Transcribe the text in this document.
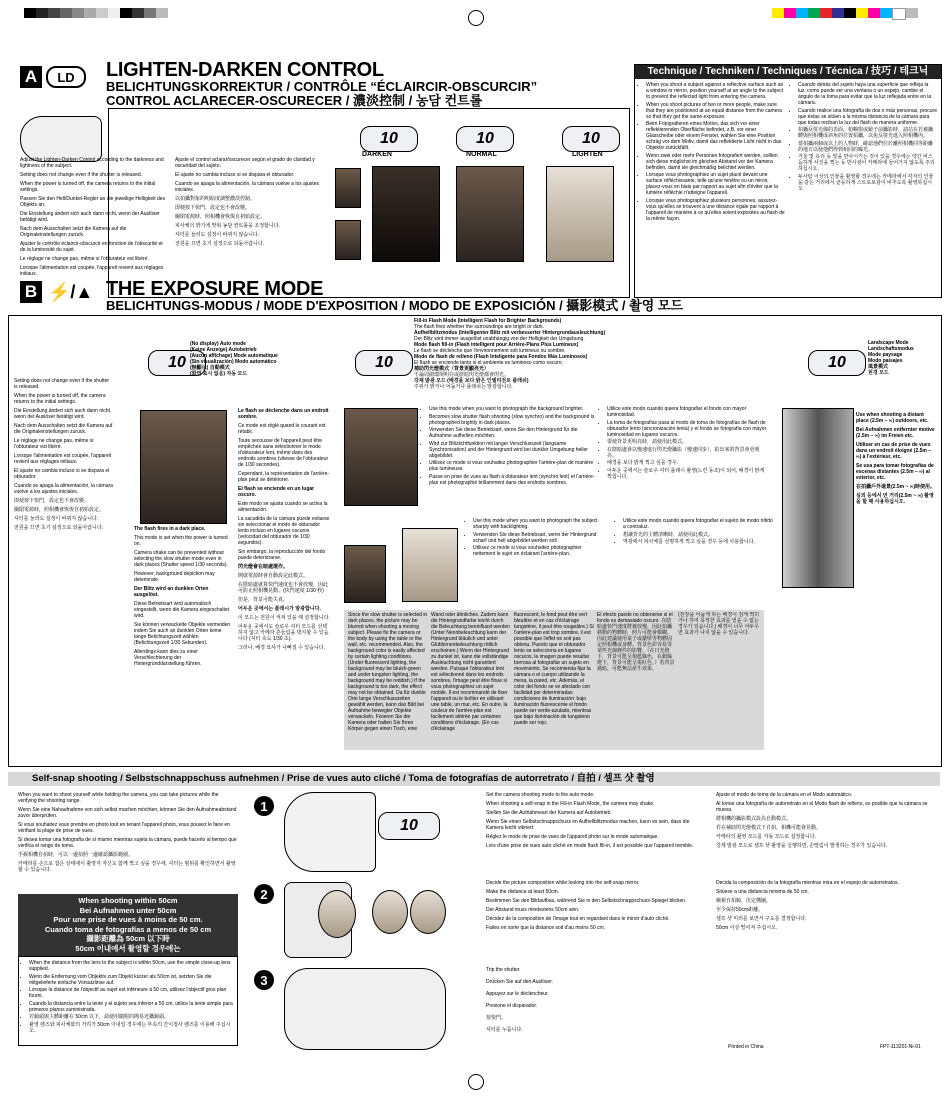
A	LD	LIGHTEN-DARKEN CONTROL
BELICHTUNGSKORREKTUR / CONTRÔLE “ÉCLAIRCIR-OBSCURCIR”
CONTROL ACLARECER-OSCURECER / 濃淡控制 / 농담 컨트롤
10	10	10
DARKEN	NORMAL	LIGHTEN

Adjust the Lighten-Darken Control according to the darkness and lightness of the subject.

Setting does not change even if the shutter is released.

When the power is turned off, the camera returns to the initial settings.

Passen Sie den Hell/Dunkel-Regler an die jeweilige Helligkeit des Objekts an.

Die Einstellung ändert sich auch dann nicht, wenn der Auslöser betätigt wird.

Nach dem Ausschalten setzt die Kamera auf die Originaleinstellungen zurück.

Ajuster le contrôle éclaircir-obscurcir en fonction de l'obscurité et de la luminosité du sujet.

Le réglage ne change pas, même si l'obturateur est libéré.

Lorsque l'alimentation est coupée, l'appareil revient aux réglages initiaux.

Ajuste el control aclarar/oscurecer según el grado de claridad y oscuridad del sujeto.

El ajuste no cambia incluso si se dispara el obturador.

Cuando se apaga la alimentación, la cámara vuelve a los ajustes iniciales.

以拍攝對象的明暗度調整濃淡控制。

即便按下快門，設定也不會改變。

關閉電源時，照相機會恢復自初始設定。

피사체의 밝기에 맞춰 농담 컨트롤을 조정합니다.

셔터를 눌러도 설정이 바뀌지 않습니다.

전원을 끄면 초기 설정으로 되돌아갑니다.

Technique / Techniken / Techniques / Técnica / 技巧 / 테크닉
• When you shoot a subject against a reflective surface such as a window or mirror, position yourself at an angle to the subject to prevent the reflected light from entering the camera.
• When you shoot pictures of two or more people, make sure that they are positioned at an equal distance from the camera so that they get the same exposure.
• Beim Fotografieren eines Motivs, das sich vor einer reflektierenden Oberfläche befindet, z.B. vor einer Glasscheibe oder einem Fenster, wählen Sie eine Position schräg vor dem Motiv, damit das reflektierte Licht nicht in das Objektiv zurückfällt.
• Wenn zwei oder mehr Personen fotografiert werden, sollten sich diese möglichst im gleichen Abstand vor der Kamera befinden, damit sie gleichmäßig belichtet werden.
• Lorsque vous photographiez un sujet placé devant une surface réfléchissante, telle qu'une fenêtre ou un miroir, placez-vous en biais par rapport au sujet afin d'éviter que la lumière réfléchie n'atteigne l'appareil.
• Lorsque vous photographiez plusieurs personnes, assurez-vous qu'elles se trouvent à une distance égale par rapport à l'appareil de manière à ce qu'elles soient exposées au flash de la même façon.
• Cuando detrás del sujeto haya una superficie que refleja la luz, como puede ser una ventana o un espejo, cambie el ángulo de la toma para evitar que la luz reflejada entre en la cámara.
• Cuando realice una fotografía de dos o más personas, procure que éstas se sitúen a la misma distancia de la cámara para que todas reciban la luz del flash de manera uniforme.
• 拍攝反射光線的表面，如櫥窗或鏡子前攝影時，請站在若被攝體與照相機成斜角的位置拍攝，以免反射光進入照相機內。
• 當拍攝兩個或以上的人物時，確認他們位於離照相機同等距離的地方以使他們得到相同的曝光。
• 거울 및 유리 등 빛을 반사시키는 것이 있을 경우에는 약간 비스듬하게 사진을 찍는 등 반사광이 카메라에 들어가지 않도록 주의하십시오.
• 두사람 이상의 인물을 촬영할 경우에는 카메라에서 각자의 인물을 같은 거리에서 균등하게 스트로보광이 비추도록 촬영하십시오.
B ⚡/▲ THE EXPOSURE MODE
BELICHTUNGS-MODUS / MODE D'EXPOSITION / MODO DE EXPOSICIÓN / 攝影模式 / 촬영 모드
10	10	10
(No display) Auto mode
(Keine Anzeige) Autobetrieb
(Aucun affichage) Mode automatique
(Sin visualización) Modo automático
(無顯示) 自動模式
(화면 표시 없음) 자동 모드
Fill-in Flash Mode (Intelligent Flash for Brighter Backgrounds)
The flash fires whether the surroundings are bright or dark.
Aufhellblitzmodus (Intelligenter Blitz mit verbesserter Hintergrundausleuchtung)
Der Blitz wird immer ausgelöst unabhängig von der Helligkeit der Umgebung.
Mode flash fill-in (Flash intelligent pour Arrière-Plans Plus Lumineux)
Le flash se déclenche que l'environnement soit lumineux ou sombre.
Modo de flash de relleno (Flash Inteligente para Fondos Más Luminosos)
El flash se enciende tanto si el ambiente es luminoso como oscuro.
補助閃光燈模式（背景更顯亮光）
不論周圍環境明亮或陰暗閃光燈都會閃光。
강제 발광 모드 (배경을 보다 밝은 인텔리전트 플래쉬)
주위가 밝거나 어둡거나 플래쉬는 발광합니다.
Landscape Mode
Landschaftsmodus
Mode paysage
Modo paisajes
風景模式
원경 모드

Setting does not change even if the shutter is released.

When the power is turned off, the camera returns to the initial settings.

Die Einstellung ändert sich auch dann nicht, wenn der Auslöser betätigt wird.

Nach dem Ausschalten setzt die Kamera auf die Originaleinstellungen zurück.

Le réglage ne change pas, même si l'obturateur est libéré.

Lorsque l'alimentation est coupée, l'appareil revient aux réglages initiaux.

El ajuste no cambia incluso si se dispara el obturador.

Cuando se apaga la alimentación, la cámara vuelve a los ajustes iniciales.

即使按下快門，設定也不會改變。

關閉電源時，照相機會恢復自初始設定。

셔터를 눌러도 설정이 바뀌지 않습니다.

전원을 끄면 초기 설정으로 되돌아갑니다.	The flash fires in a dark place.

This mode is set when the power is turned on.

Camera shake can be prevented without selecting the slow shutter mode even in dark places (Shutter speed 1/30 seconds).

However, background depiction may deteriorate.

Der Blitz wird an dunklen Orten ausgelöst.

Diese Betriebsart wird automatisch eingestellt, wenn die Kamera eingeschaltet wird.

Sie können verwackelte Objekte vermeiden indem Sie auch an dunklen Orten keine lange Belichtungszeit wählen (Belichtungszeit 1/30 Sekunden).

Allerdings kann dies zu einer Verschlechterung der Hintergrunddarstellung führen.

Le flash se déclenche dans un endroit sombre.

Ce mode est réglé quand le courant est rétabli.

Toute secousse de l'appareil peut être empêchée sans sélectionner le mode d'obturateur lent, même dans des endroits sombres (vitesse de l'obturateur de 1/30 secondes).

Cependant, la représentation de l'arrière-plan peut se détériorer.

El flash se enciende en un lugar oscuro.

Este modo se ajusta cuando se activa la alimentación.

La sacudida de la cámara puede evitarse sin seleccionar el modo de obturador lento incluso en lugares oscuros (velocidad del obturador de 1/30 segundos).

Sin embargo, la reproducción del fondo puede deteriorarse.

閃光燈會在暗處運作。

開啟電源時會自動設定此模式。

在陰暗處就算快門速度也不會放慢，因此可防止照相機晃動。(快門速度 1/30 秒)

但是，背景可能失真。

어두운 곳에서는 플래시가 발광합니다.

이 모드는 전원이 켜져 있을 때 설정합니다.

어두운 곳에서도 슬로우 셔터 모드를 선택하지 않고 카메라 흔들림을 방지할 수 있습니다 (셔터 속도 1/30 초).

그러나, 배경 묘사가 나빠질 수 있습니다.

• Use this mode when you want to photograph the background brighter.
• Becomes slow shutter flash shooting (slow synchro) and the background is photographed brightly in dark places.
• Verwenden Sie diese Betriebsart, wenn Sie den Hintergrund für die Aufnahme aufhellen möchten.
• Wird zur Blitzlichtfunktion mit langer Verschlusszeit (langsame Synchronisation) und der Hintergrund wird bei dunkler Umgebung heller abgebildet.
• Utilisez ce mode si vous souhaitez photographier l'arrière-plan de manière plus lumineuse.
• Passe en prise de vues au flash à obturateur lent (synchro lent) et l'arrière-plan est photographié brillamment dans des endroits sombres.
• Utilice este modo cuando quiera fotografiar el fondo con mayor luminosidad.
• La toma de fotografías pasa al modo de toma de fotografías de flash de obturador lento (sincronización lenta) y el fondo se fotografía con mayor luminosidad en lugares oscuros.
• 要使背景更明亮時，請使用此模式。
• 在陰暗處會以慢速進行閃光燈攝影（慢速同步），拍出來的背景會更明亮。
• 배경을 보다 밝게 찍고 싶을 경우.
• 어두운 곳에서는 슬로우 셔터 플래시 촬영(느린 동조)이 되어, 배경이 밝게 찍힙니다.
• Use this mode when you want to photograph the subject sharply with backlighting.
• Verwenden Sie diese Betriebsart, wenn der Hintergrund scharf und hell abgebildet werden soll.
• Utilisez ce mode si vous souhaitez photographier nettement le sujet en éclairant l'arrière-plan.
• Utilice este modo cuando quiera fotografiar el sujeto de modo nítido a contraluz.
• 想讓背光的主體清晰時，請使用此模式。
• 역광에서 피사체를 선명하게 찍고 싶을 경우 등에 사용합니다.
Since the slow shutter is selected in dark places, the picture may be blurred when shooting a moving subject. Please fix the camera or the body by using the table or the wall, etc. recommended. Also, the background color is easily affected by certain lighting conditions. (Under fluorescent lighting, the background may be bluish-green and under tungsten lighting, the background may be reddish.) If the background is too dark, the effect may not be obtained. Da für dunkle Orte lange Verschlusszeiten gewählt werden, kann das Bild bei Aufnahme bewegter Objekte verwackeln. Fixieren Sie die Kamera oder halten Sie Ihren Körper gegen einen Tisch, eine
Wand oder ähnliches. Zudem kann die Hintergrundfarbe leicht durch die Beleuchtung beeinflusst werden (Unter Neonbeleuchtung kann der Hintergrund bläulich und unter Glühbirnenbeleuchtung rötlich erscheinen.) Wenn der Hintergrund zu dunkel ist, kann die vollständige Ausleuchtung nicht garantiert werden. Puisque l'obturateur lent est sélectionné dans les endroits sombres, l'image peut être floue si vous photographiez un sujet mobile. Il est recommandé de fixer l'appareil ou le boîtier en utilisant une table, un mur, etc. En outre, la couleur de l'arrière-plan est facilement altérée par certaines conditions d'éclairage. (En cas d'éclairage
fluorescent, le fond peut être vert bleuâtre et en cas d'éclairage tungstène, il peut être rougeâtre.) Si l'arrière-plan est trop sombre, il est possible que l'effet ne soit pas obtenu. Puesto que el obturador lento se selecciona en lugares oscuros, la imagen puede resultar borrosa al fotografiar un sujeto en movimiento. Se recomienda fijar la cámara o el cuerpo utilizando la mesa, la pared, etc. Además, el color del fondo se ve afectado con facilidad por determinadas condiciones de iluminación: bajo iluminación fluorescente el fondo puede ser verde-azulado, mientras que bajo iluminación de tungsteno puede ser rojo.
El efecto puede no obtenerse si el fondo es demasiado oscuro. 在陰暗處快門速度將被放慢，因此拍攝移動的物體時，照片可能會模糊。因此建議使用桌子或牆壁等物體固定照相機或身體。背景色彩容易受某些光線條件的影響。（在日光燈下，背景可能呈現藍綠色，在鎢絲燈下，背景可能呈現紅色。）若背景過暗，可能無法產生效果。
(천장을 어둡게 하는 배경이 검게 찍히거나 하여 목적한 효과를 얻을 수 없는 경우가 있습니다.) 배경이 너무 어두우면 효과가 나지 않을 수 있습니다.

Use when shooting a distant place (2.5m – ∞) outdoors, etc.

Bei Aufnahmen entfernter motive (2.5m – ∞) im Freien etc.

Utiliser en cas de prise de vues dans un endroit éloigné (2.5m – ∞) à l'extérieur, etc.

Se usa para tomar fotografías de escenas distantes (2.5m – ∞) al exterior, etc.

在拍攝戶外遠景(2.5m ~ ∞)時使用。

실외 등에서 먼 거리(2.5m ~ ∞) 촬영을 할 때 사용하십시오.

Self-snap shooting / Selbstschnappschuss aufnehmen / Prise de vues auto cliché / Toma de fotografías de autorretrato / 自拍 / 셀프 샷 촬영

When you want to shoot yourself while holding the camera, you can take pictures while the verifying the shooting range.

Wenn Sie eine Nahaufnahme von sich selbst machen möchten, können Sie den Aufnahmeabstand zuvor überprüfen.

Si vous souhaitez vous prendre en photo tout en tenant l'appareil photo, vous pouvez le faire en vérifiant la plage de prise de vues.

Si desea tomar una fotografía de sí mismo mientras sujeta la cámara, puede hacerlo al tiempo que verifica el rango de toma.

手握相機自拍時，可以一邊拍照一邊確認攝影範圍。

카메라를 손으로 잡은 상태에서 촬영자 자신도 함께 찍고 싶을 경우에, 셔터는 범위를 확인하면서 촬영할 수 있습니다.

When shooting within 50cm
Bei Aufnahmen unter 50cm
Pour une prise de vues à moins de 50 cm.
Cuando toma de fotografías a menos de 50 cm
攝影距離為 50cm 以下時
50cm 이내에서 촬영할 경우에는
• When the distance from the lens to the subject is within 50cm, use the simple close-up lens supplied.
• Wenn die Entfernung vom Objektiv zum Objekt kürzer als 50cm ist, setzten Sie die mitgelieferte einfache Vorsatzlinse auf.
• Lorsque la distance de l'objectif au sujet est inférieure à 50 cm, utilisez l'objectif gros plan fourni.
• Cuando la distancia entre la lente y el sujeto sea inferior a 50 cm, utilice la lente simple para primeros planos suministrada.
• 若鏡頭與主體距離在 50cm 以下，請使用隨附的簡易近攝鏡頭。
• 촬영 렌즈와 피사체와의 거리가 50cm 이내일 경우에는 부속의 간이접사 렌즈를 이용해 주십시오.
1
2
3
10

Set the camera shooting mode to the auto mode.

When shooting a self-snap in the Fill-in Flash Mode, the camera may shake.

Stellen Sie die Aufnahmeart der Kamera auf Autobetrieb.

Wenn Sie einen Selbstschnappschuss im Aufhellblitzmodus machen, kann es sein, dass die Kamera leicht vibriert.

Réglez le mode de prise de vues de l'appareil photo sur le mode automatique.

Lors d'une prise de vues auto cliché en mode flash fill-in, il est possible que l'appareil tremble.

Ajuste el modo de toma de la cámara en el Modo automático.

Al tomar una fotografía de autorretrato en el Modo flash de relleno, es posible que la cámara se mueva.

將相機的攝影模式設為自動模式。

若在補助閃光燈模式下自拍，相機可能會晃動。

카메라의 촬영 모드를 자동 모드로 설정합니다.

강제 발광 모드로 셀프 샷 촬영을 실행하면, 손떨림이 발생하는 경우가 있습니다.

Decide the picture composition while looking into the self-snap mirror.

Make the distance at least 50cm.

Bestimmen Sie den Bildaufbau, während Sie in den Selbstschnappschuss-Spiegel blicken.

Der Abstand muss mindestens 50cm sein.

Décidez de la composition de l'image tout en regardant dans le miroir d'auto cliché.

Faites en sorte que la distance soit d'au moins 50 cm.

Decida la composición de la fotografía mientras mira en el espejo de autorretratos.

Sitúese a una distancia mínima de 50 cm.

檢視自拍鏡，決定構圖。

至少保持50cm距離。

셀프 샷 미러를 보면서 구도를 결정합니다.

50cm 이상 떨어져 주십시오.

Trip the shutter.
Drücken Sie auf den Auslöser.
Appuyez sur le déclencheur.
Presione el disparador.
按快門。
셔터를 누릅니다.
Printed in China	FPT-113201-Ni-01
